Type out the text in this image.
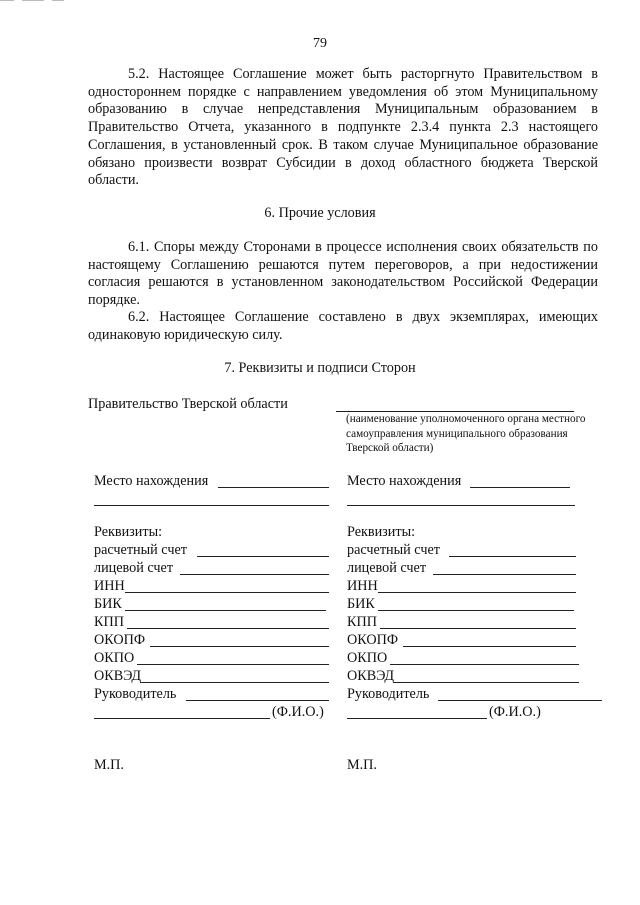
79

5.2. Настоящее Соглашение может быть расторгнуто Правительством в одностороннем порядке с направлением уведомления об этом Муниципальному образованию в случае непредставления Муниципальным образованием в Правительство Отчета, указанного в подпункте 2.3.4 пункта 2.3 настоящего Соглашения, в установленный срок. В таком случае Муниципальное образование обязано произвести возврат Субсидии в доход областного бюджета Тверской области.

6. Прочие условия

6.1. Споры между Сторонами в процессе исполнения своих обязательств по настоящему Соглашению решаются путем переговоров, а при недостижении согласия решаются в установленном законодательством Российской Федерации порядке.

6.2. Настоящее Соглашение составлено в двух экземплярах, имеющих одинаковую юридическую силу.

7. Реквизиты и подписи Сторон
Правительство Тверской области
Место нахождения
Реквизиты:
расчетный счет
лицевой счет
ИНН
БИК
КПП
ОКОПФ
ОКПО
ОКВЭД
Руководитель
(Ф.И.О.)
М.П.
(наименование уполномоченного органа местного самоуправления муниципального образования Тверской области)
Место нахождения
Реквизиты:
расчетный счет
лицевой счет
ИНН
БИК
КПП
ОКОПФ
ОКПО
ОКВЭД
Руководитель
(Ф.И.О.)
М.П.
